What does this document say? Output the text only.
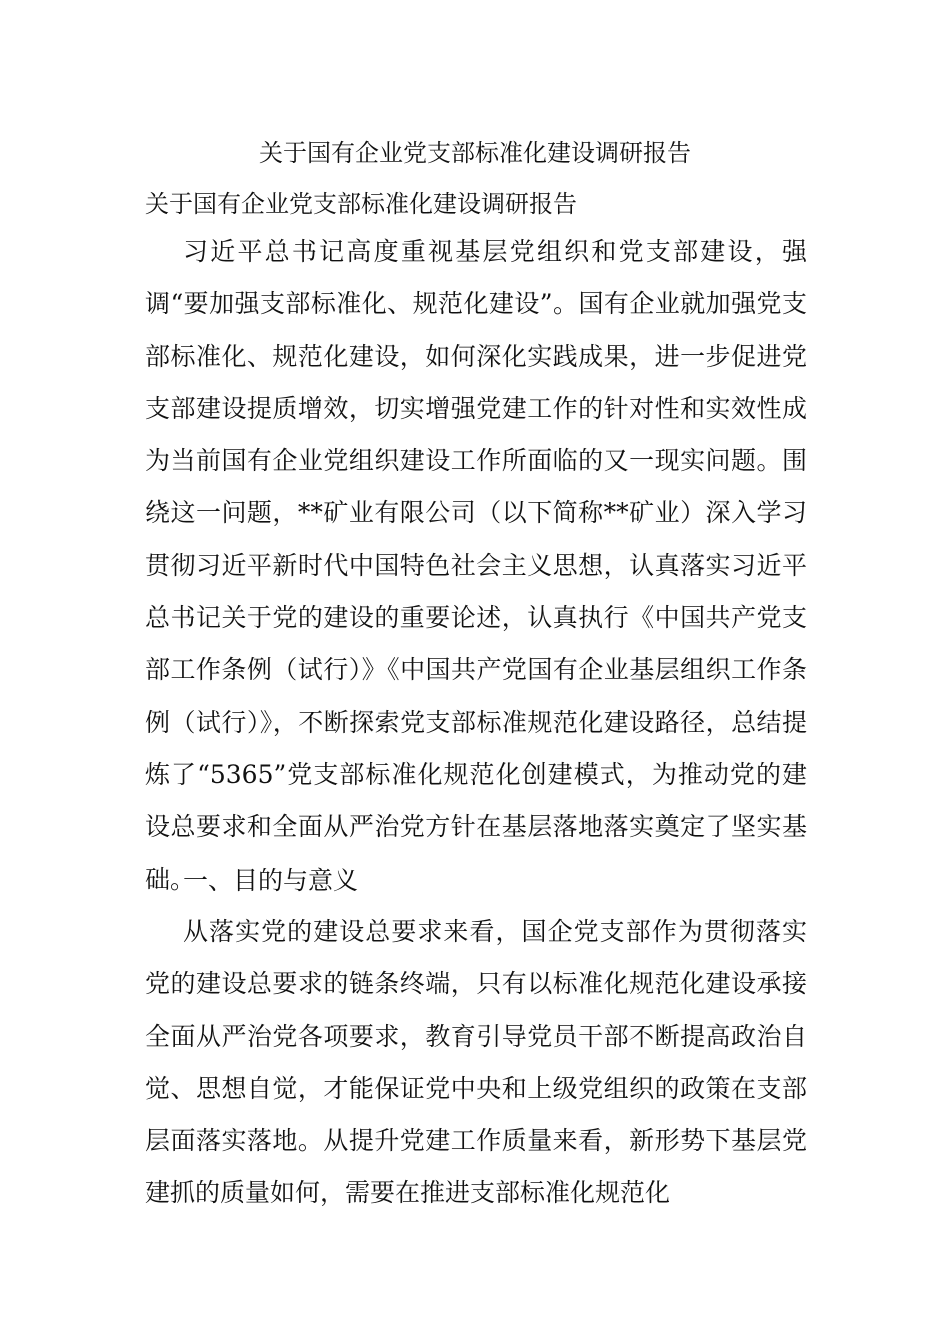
关于国有企业党支部标准化建设调研报告
关于国有企业党支部标准化建设调研报告

习近平总书记高度重视基层党组织和党支部建设，强调“要加强支部标准化、规范化建设”。国有企业就加强党支部标准化、规范化建设，如何深化实践成果，进一步促进党支部建设提质增效，切实增强党建工作的针对性和实效性成为当前国有企业党组织建设工作所面临的又一现实问题。围绕这一问题，**矿业有限公司（以下简称**矿业）深入学习贯彻习近平新时代中国特色社会主义思想，认真落实习近平总书记关于党的建设的重要论述，认真执行《中国共产党支部工作条例（试行）》《中国共产党国有企业基层组织工作条例（试行）》，不断探索党支部标准规范化建设路径，总结提炼了“5365”党支部标准化规范化创建模式，为推动党的建设总要求和全面从严治党方针在基层落地落实奠定了坚实基础。

一、目的与意义

从落实党的建设总要求来看，国企党支部作为贯彻落实党的建设总要求的链条终端，只有以标准化规范化建设承接全面从严治党各项要求，教育引导党员干部不断提高政治自觉、思想自觉，才能保证党中央和上级党组织的政策在支部层面落实落地。从提升党建工作质量来看，新形势下基层党建抓的质量如何，需要在推进支部标准化规范化
